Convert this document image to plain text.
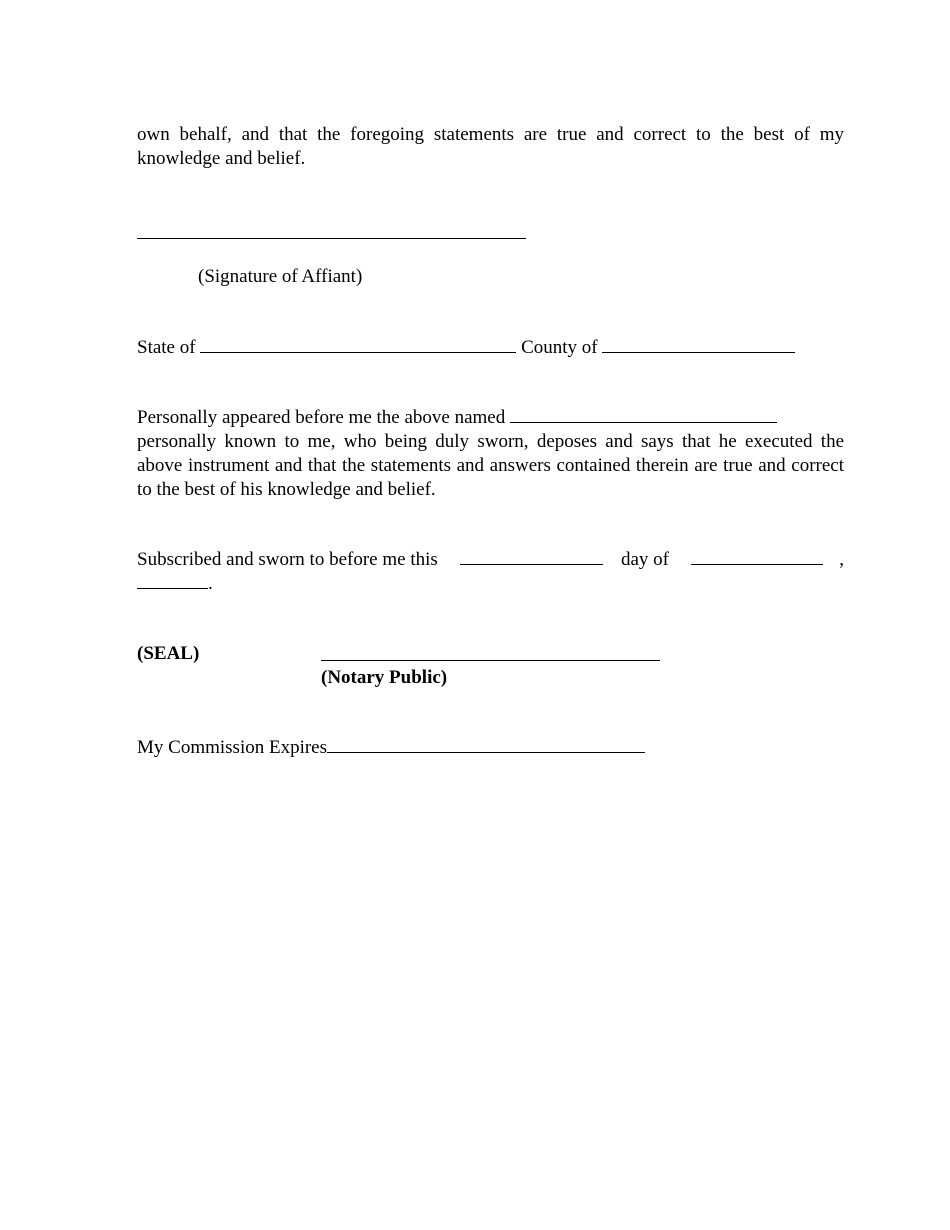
own behalf, and that the foregoing statements are true and correct to the best of my knowledge and belief.
(Signature of Affiant)
State of	County of
Personally appeared before me the above named
personally known to me, who being duly sworn, deposes and says that he executed the above instrument and that the statements and answers contained therein are true and correct to the best of his knowledge and belief.
Subscribed and sworn to before me this	day of	,
.
(SEAL)
(Notary Public)
My Commission Expires
